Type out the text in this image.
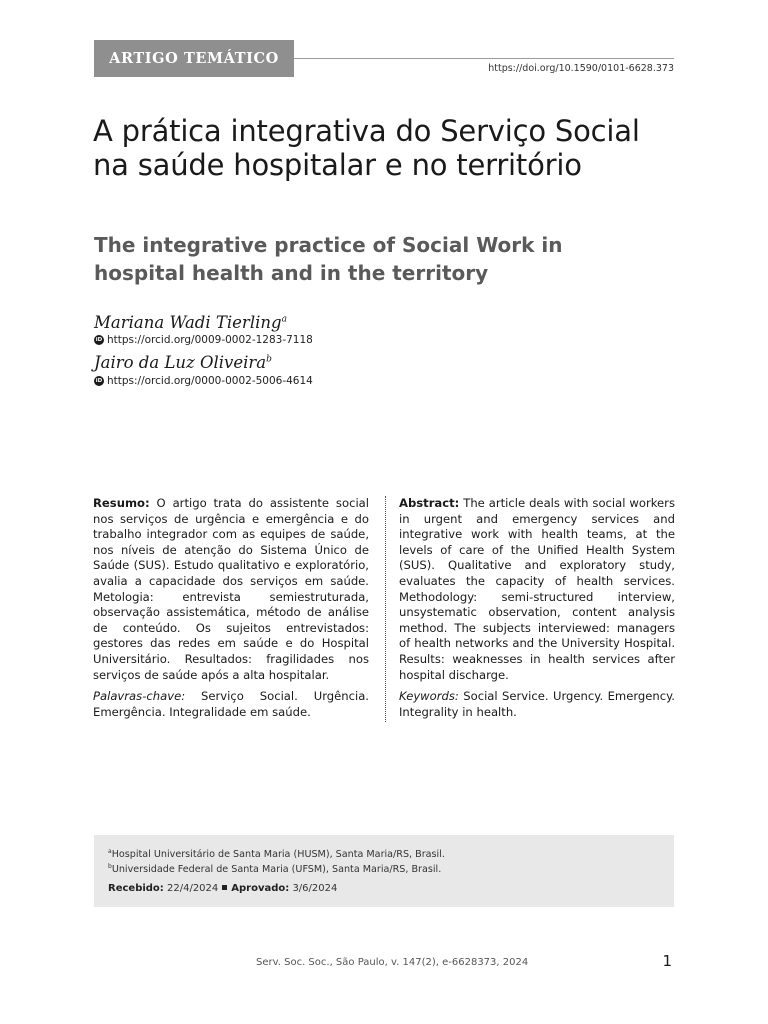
ARTIGO TEMÁTICO
https://doi.org/10.1590/0101-6628.373
A prática integrativa do Serviço Social na saúde hospitalar e no território
The integrative practice of Social Work in hospital health and in the territory
Mariana Wadi Tierling$^a$
iD https://orcid.org/0009-0002-1283-7118
Jairo da Luz Oliveira$^b$
iD https://orcid.org/0000-0002-5006-4614

Resumo: O artigo trata do assistente social nos serviços de urgência e emergência e do trabalho integrador com as equipes de saúde, nos níveis de atenção do Sistema Único de Saúde (SUS). Estudo qualitativo e exploratório, avalia a capacidade dos serviços em saúde. Metologia: entrevista semiestruturada, observação assistemática, método de análise de conteúdo. Os sujeitos entrevistados: gestores das redes em saúde e do Hospital Universitário. Resultados: fragilidades nos serviços de saúde após a alta hospitalar.

Palavras-chave: Serviço Social. Urgência. Emergência. Integralidade em saúde.

Abstract: The article deals with social workers in urgent and emergency services and integrative work with health teams, at the levels of care of the Unified Health System (SUS). Qualitative and exploratory study, evaluates the capacity of health services. Methodology: semi-structured interview, unsystematic observation, content analysis method. The subjects interviewed: managers of health networks and the University Hospital. Results: weaknesses in health services after hospital discharge.

Keywords: Social Service. Urgency. Emergency. Integrality in health.

$^a$Hospital Universitário de Santa Maria (HUSM), Santa Maria/RS, Brasil.
$^b$Universidade Federal de Santa Maria (UFSM), Santa Maria/RS, Brasil.
Recebido: 22/4/2024 Aprovado: 3/6/2024
Serv. Soc. Soc., São Paulo, v. 147(2), e-6628373, 2024	1
